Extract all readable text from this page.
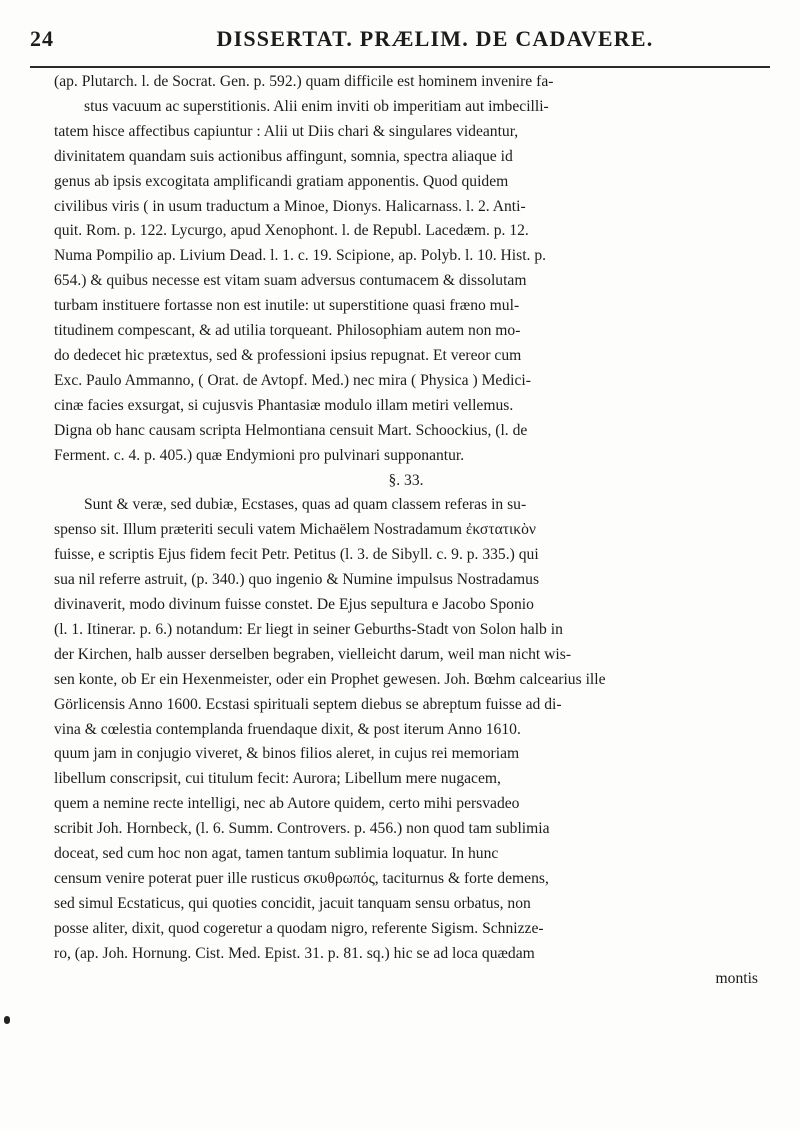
24	DISSERTAT. PRÆLIM. DE CADAVERE.
(ap. Plutarch. l. de Socrat. Gen. p. 592.) quam difficile est hominem invenire fa-
stus vacuum ac superstitionis. Alii enim inviti ob imperitiam aut imbecilli-
tatem hisce affectibus capiuntur : Alii ut Diis chari & singulares videantur,
divinitatem quandam suis actionibus affingunt, somnia, spectra aliaque id
genus ab ipsis excogitata amplificandi gratiam apponentis. Quod quidem
civilibus viris ( in usum traductum a Minoe, Dionys. Halicarnass. l. 2. Anti-
quit. Rom. p. 122. Lycurgo, apud Xenophont. l. de Republ. Lacedæm. p. 12.
Numa Pompilio ap. Livium Dead. l. 1. c. 19. Scipione, ap. Polyb. l. 10. Hist. p.
654.) & quibus necesse est vitam suam adversus contumacem & dissolutam
turbam instituere fortasse non est inutile: ut superstitione quasi fræno mul-
titudinem compescant, & ad utilia torqueant. Philosophiam autem non mo-
do dedecet hic prætextus, sed & professioni ipsius repugnat. Et vereor cum
Exc. Paulo Ammanno, ( Orat. de Avtopf. Med.) nec mira ( Physica ) Medici-
cinæ facies exsurgat, si cujusvis Phantasiæ modulo illam metiri vellemus.
Digna ob hanc causam scripta Helmontiana censuit Mart. Schoockius, (l. de
Ferment. c. 4. p. 405.) quæ Endymioni pro pulvinari supponantur.
§. 33.
Sunt & veræ, sed dubiæ, Ecstases, quas ad quam classem referas in su-
spenso sit. Illum præteriti seculi vatem Michaëlem Nostradamum ἐκστατικὸν
fuisse, e scriptis Ejus fidem fecit Petr. Petitus (l. 3. de Sibyll. c. 9. p. 335.) qui
sua nil referre astruit, (p. 340.) quo ingenio & Numine impulsus Nostradamus
divinaverit, modo divinum fuisse constet. De Ejus sepultura e Jacobo Sponio
(l. 1. Itinerar. p. 6.) notandum: Er liegt in seiner Geburths-Stadt von Solon halb in
der Kirchen, halb ausser derselben begraben, vielleicht darum, weil man nicht wis-
sen konte, ob Er ein Hexenmeister, oder ein Prophet gewesen. Joh. Bœhm calcearius ille
Görlicensis Anno 1600. Ecstasi spirituali septem diebus se abreptum fuisse ad di-
vina & cœlestia contemplanda fruendaque dixit, & post iterum Anno 1610.
quum jam in conjugio viveret, & binos filios aleret, in cujus rei memoriam
libellum conscripsit, cui titulum fecit: Aurora; Libellum mere nugacem,
quem a nemine recte intelligi, nec ab Autore quidem, certo mihi persvadeo
scribit Joh. Hornbeck, (l. 6. Summ. Controvers. p. 456.) non quod tam sublimia
doceat, sed cum hoc non agat, tamen tantum sublimia loquatur. In hunc
censum venire poterat puer ille rusticus σκυθρωπός, taciturnus & forte demens,
sed simul Ecstaticus, qui quoties concidit, jacuit tanquam sensu orbatus, non
posse aliter, dixit, quod cogeretur a quodam nigro, referente Sigism. Schnizze-
ro, (ap. Joh. Hornung. Cist. Med. Epist. 31. p. 81. sq.) hic se ad loca quædam
montis
